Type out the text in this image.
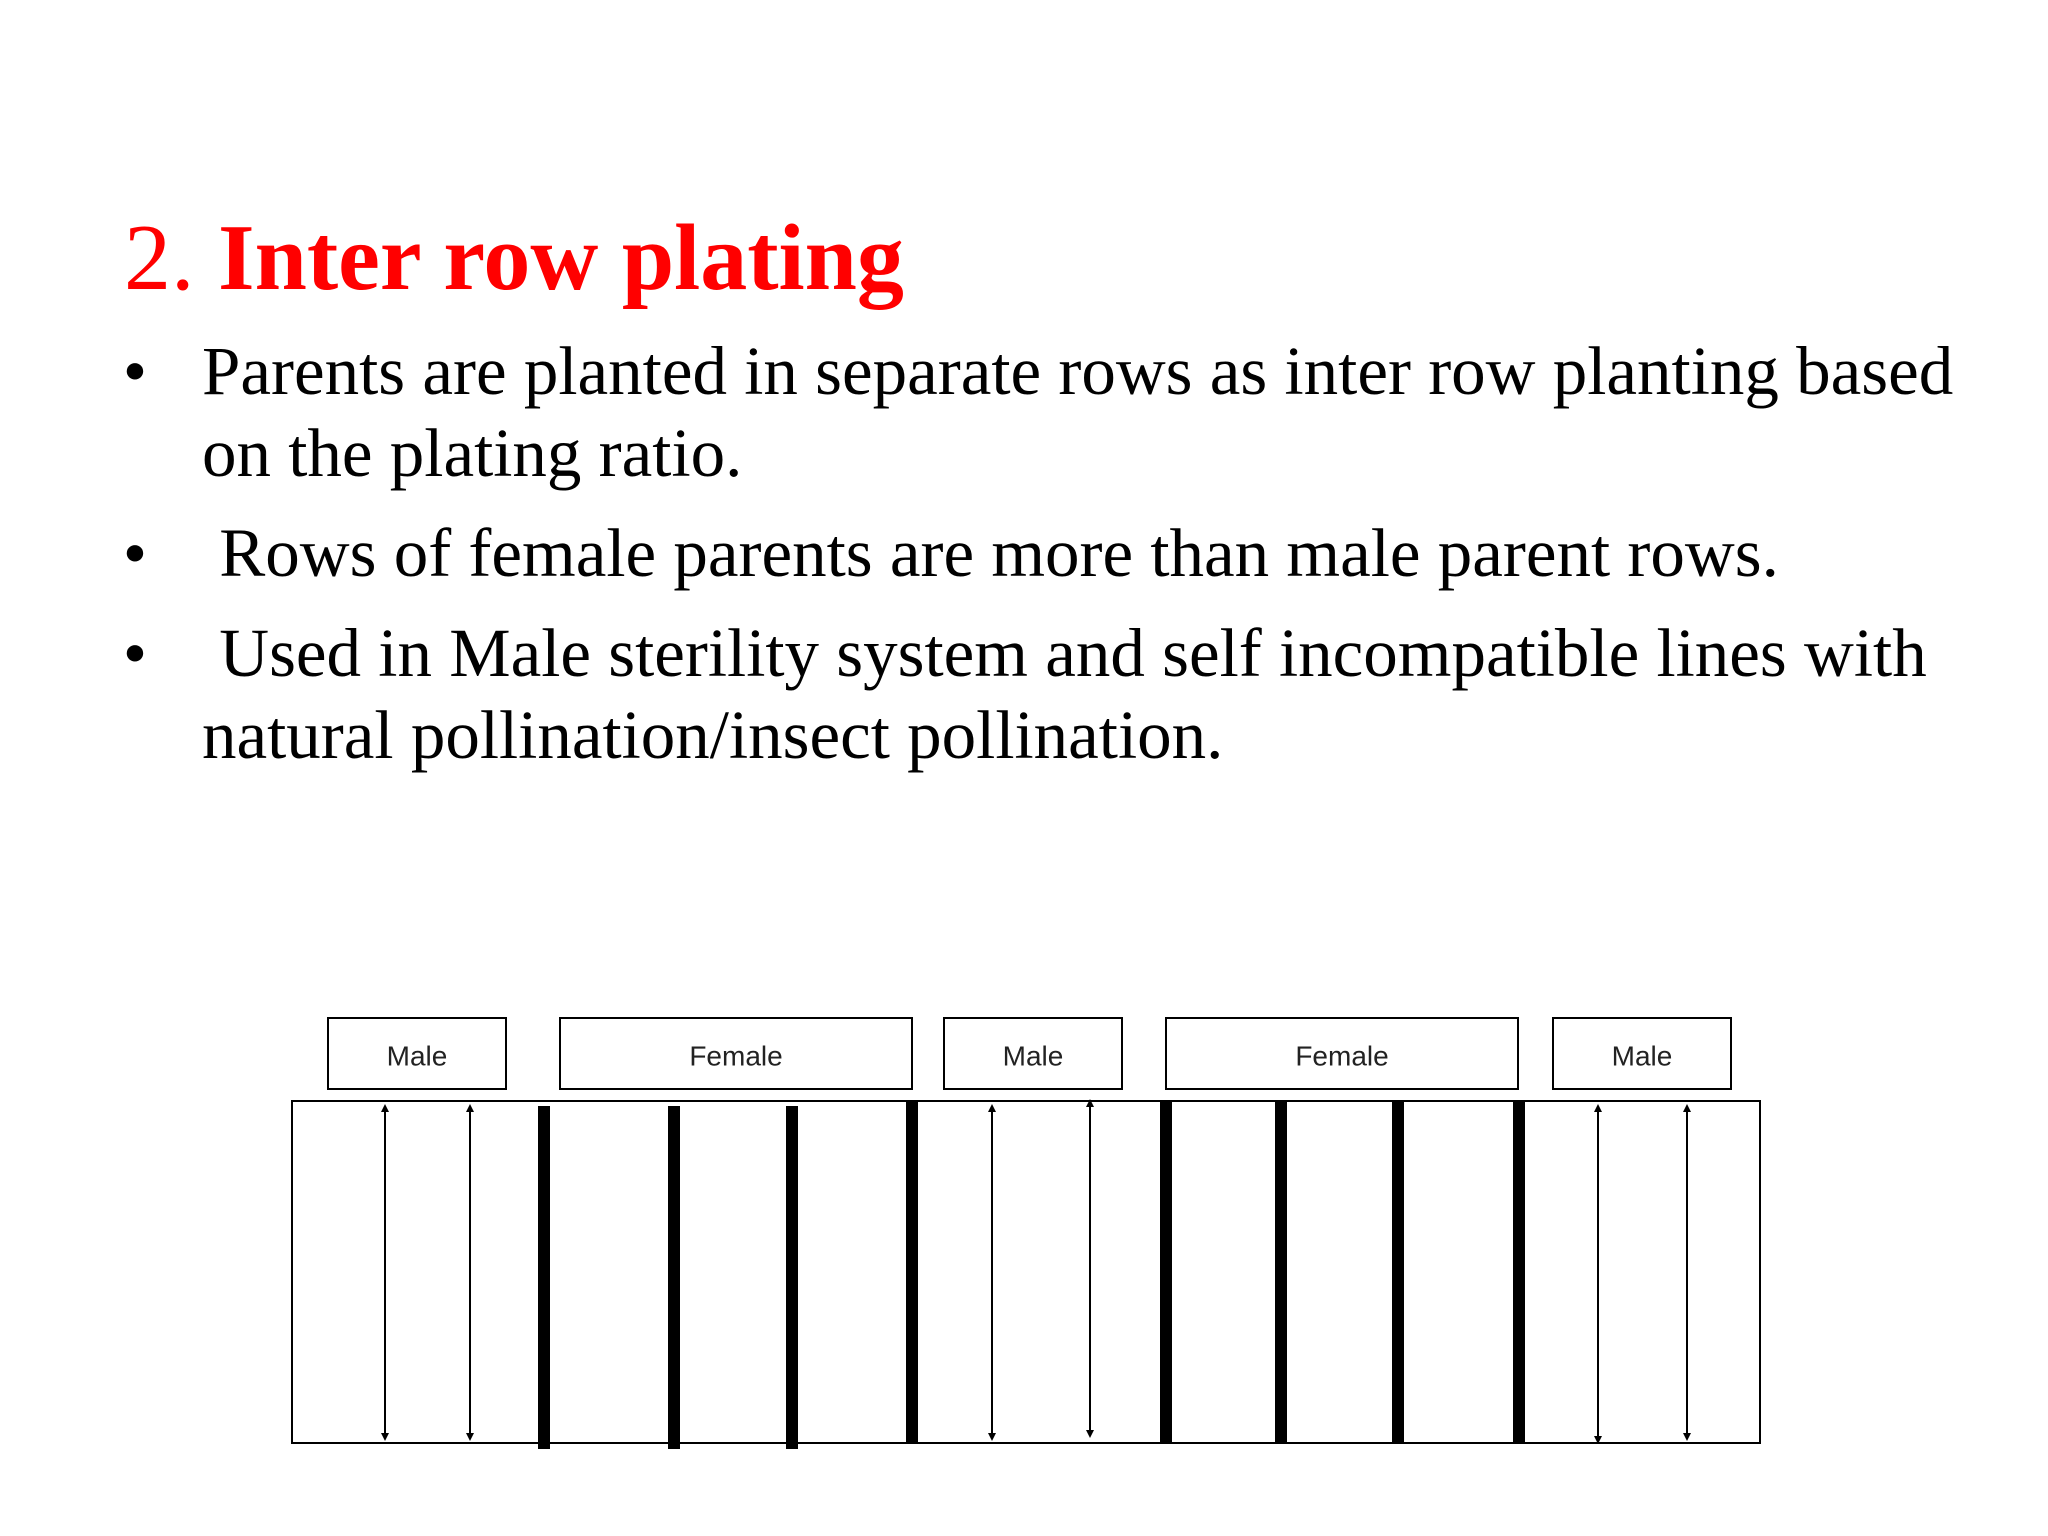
2. Inter row plating
• Parents are planted in separate rows as inter row planting based on the plating ratio.
• Rows of female parents are more than male parent rows.
• Used in Male sterility system and self incompatible lines with natural pollination/insect pollination.
Male	Female	Male	Female	Male
